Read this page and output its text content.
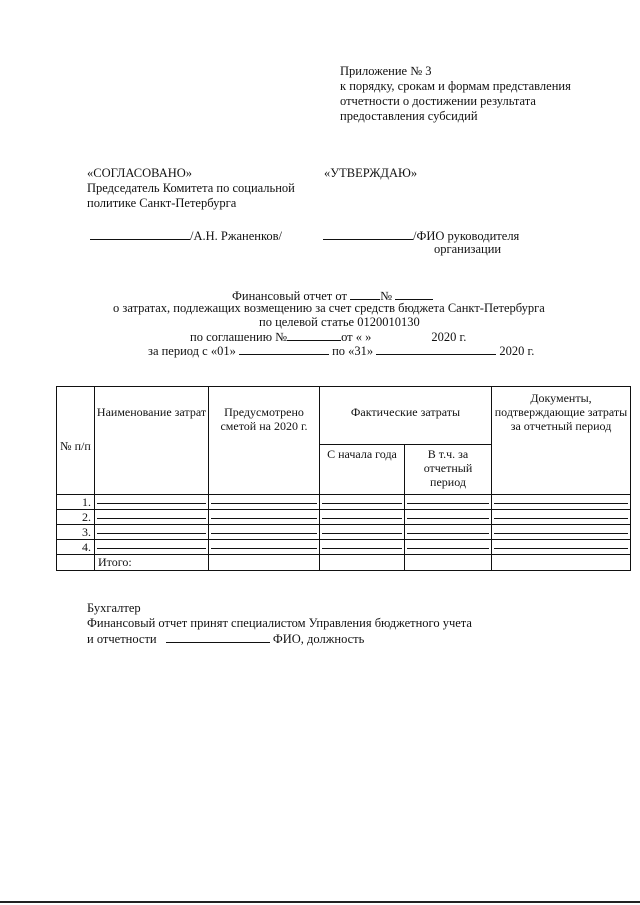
Приложение № 3
к порядку, срокам и формам представления
отчетности о достижении результата
предоставления субсидий
«СОГЛАСОВАНО»
Председатель Комитета по социальной
политике Санкт-Петербурга
«УТВЕРЖДАЮ»
/А.Н. Ржаненков/	/ФИО руководителя
организации
Финансовый отчет от	№
о затратах, подлежащих возмещению за счет средств бюджета Санкт-Петербурга
по целевой статье 0120010130
по соглашению №	от « »	2020 г.
за период с «01»	по «31»	2020 г.
№ п/п	Наименование затрат	Предусмотрено сметой на 2020 г.	Фактические затраты		Документы, подтверждающие затраты за отчетный период
			С начала года	В т.ч. за отчетный период	
1.	

2.	

3.	

4.	

	Итого:				
Бухгалтер
Финансовый отчет принят специалистом Управления бюджетного учета
и отчетности	ФИО, должность
